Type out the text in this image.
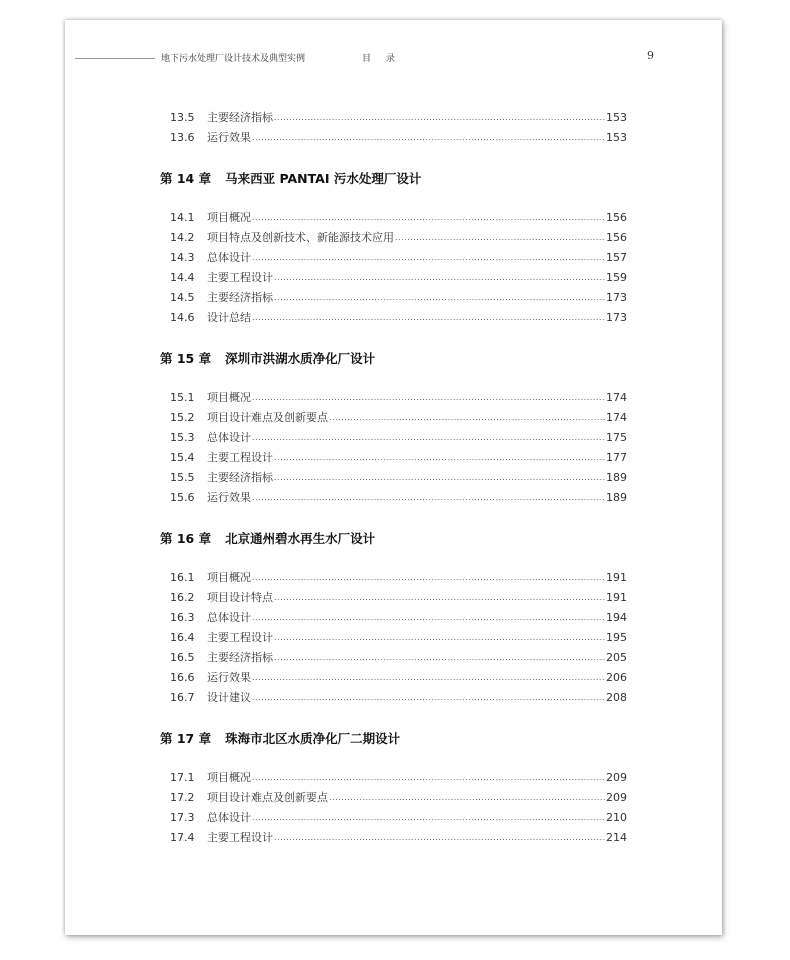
地下污水处理厂设计技术及典型实例	目 录	9
13.5	主要经济指标 .....	153
13.6	运行效果 .....	153
第 14 章 马来西亚 PANTAI 污水处理厂设计
14.1	项目概况 .....	156
14.2	项目特点及创新技术、新能源技术应用 .....	156
14.3	总体设计 .....	157
14.4	主要工程设计 .....	159
14.5	主要经济指标 .....	173
14.6	设计总结 .....	173
第 15 章 深圳市洪湖水质净化厂设计
15.1	项目概况 .....	174
15.2	项目设计难点及创新要点 .....	174
15.3	总体设计 .....	175
15.4	主要工程设计 .....	177
15.5	主要经济指标 .....	189
15.6	运行效果 .....	189
第 16 章 北京通州碧水再生水厂设计
16.1	项目概况 .....	191
16.2	项目设计特点 .....	191
16.3	总体设计 .....	194
16.4	主要工程设计 .....	195
16.5	主要经济指标 .....	205
16.6	运行效果 .....	206
16.7	设计建议 .....	208
第 17 章 珠海市北区水质净化厂二期设计
17.1	项目概况 .....	209
17.2	项目设计难点及创新要点 .....	209
17.3	总体设计 .....	210
17.4	主要工程设计 .....	214
